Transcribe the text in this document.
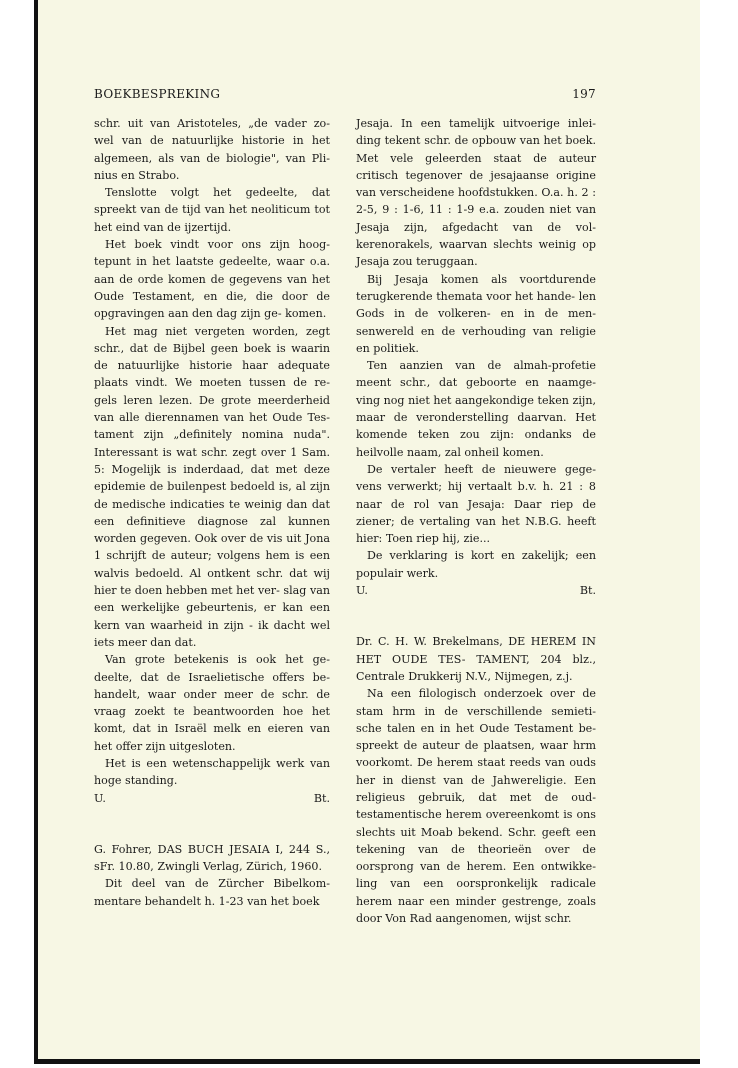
BOEKBESPREKING	197

schr. uit van Aristoteles, „de vader zo- wel van de natuurlijke historie in het algemeen, als van de biologie", van Pli- nius en Strabo.

Tenslotte volgt het gedeelte, dat spreekt van de tijd van het neoliticum tot het eind van de ijzertijd.

Het boek vindt voor ons zijn hoog- tepunt in het laatste gedeelte, waar o.a. aan de orde komen de gegevens van het Oude Testament, en die, die door de opgravingen aan den dag zijn ge- komen.

Het mag niet vergeten worden, zegt schr., dat de Bijbel geen boek is waarin de natuurlijke historie haar adequate plaats vindt. We moeten tussen de re- gels leren lezen. De grote meerderheid van alle dierennamen van het Oude Tes- tament zijn „definitely nomina nuda". Interessant is wat schr. zegt over 1 Sam. 5: Mogelijk is inderdaad, dat met deze epidemie de builenpest bedoeld is, al zijn de medische indicaties te weinig dan dat een definitieve diagnose zal kunnen worden gegeven. Ook over de vis uit Jona 1 schrijft de auteur; volgens hem is een walvis bedoeld. Al ontkent schr. dat wij hier te doen hebben met het ver- slag van een werkelijke gebeurtenis, er kan een kern van waarheid in zijn - ik dacht wel iets meer dan dat.

Van grote betekenis is ook het ge- deelte, dat de Israelietische offers be- handelt, waar onder meer de schr. de vraag zoekt te beantwoorden hoe het komt, dat in Israël melk en eieren van het offer zijn uitgesloten.

Het is een wetenschappelijk werk van hoge standing.

U.	Bt.

G. Fohrer, DAS BUCH JESAIA I, 244 S., sFr. 10.80, Zwingli Verlag, Zürich, 1960.

Dit deel van de Zürcher Bibelkom- mentare behandelt h. 1-23 van het boek

Jesaja. In een tamelijk uitvoerige inlei- ding tekent schr. de opbouw van het boek. Met vele geleerden staat de auteur critisch tegenover de jesajaanse origine van verscheidene hoofdstukken. O.a. h. 2 : 2-5, 9 : 1-6, 11 : 1-9 e.a. zouden niet van Jesaja zijn, afgedacht van de vol- kerenorakels, waarvan slechts weinig op Jesaja zou teruggaan.

Bij Jesaja komen als voortdurende terugkerende themata voor het hande- len Gods in de volkeren- en in de men- senwereld en de verhouding van religie en politiek.

Ten aanzien van de almah-profetie meent schr., dat geboorte en naamge- ving nog niet het aangekondige teken zijn, maar de veronderstelling daarvan. Het komende teken zou zijn: ondanks de heilvolle naam, zal onheil komen.

De vertaler heeft de nieuwere gege- vens verwerkt; hij vertaalt b.v. h. 21 : 8 naar de rol van Jesaja: Daar riep de ziener; de vertaling van het N.B.G. heeft hier: Toen riep hij, zie...

De verklaring is kort en zakelijk; een populair werk.

U.	Bt.

Dr. C. H. W. Brekelmans, DE HEREM IN HET OUDE TES- TAMENT, 204 blz., Centrale Drukkerij N.V., Nijmegen, z.j.

Na een filologisch onderzoek over de stam hrm in de verschillende semieti- sche talen en in het Oude Testament be- spreekt de auteur de plaatsen, waar hrm voorkomt. De herem staat reeds van ouds her in dienst van de Jahwereligie. Een religieus gebruik, dat met de oud- testamentische herem overeenkomt is ons slechts uit Moab bekend. Schr. geeft een tekening van de theorieën over de oorsprong van de herem. Een ontwikke- ling van een oorspronkelijk radicale herem naar een minder gestrenge, zoals door Von Rad aangenomen, wijst schr.
